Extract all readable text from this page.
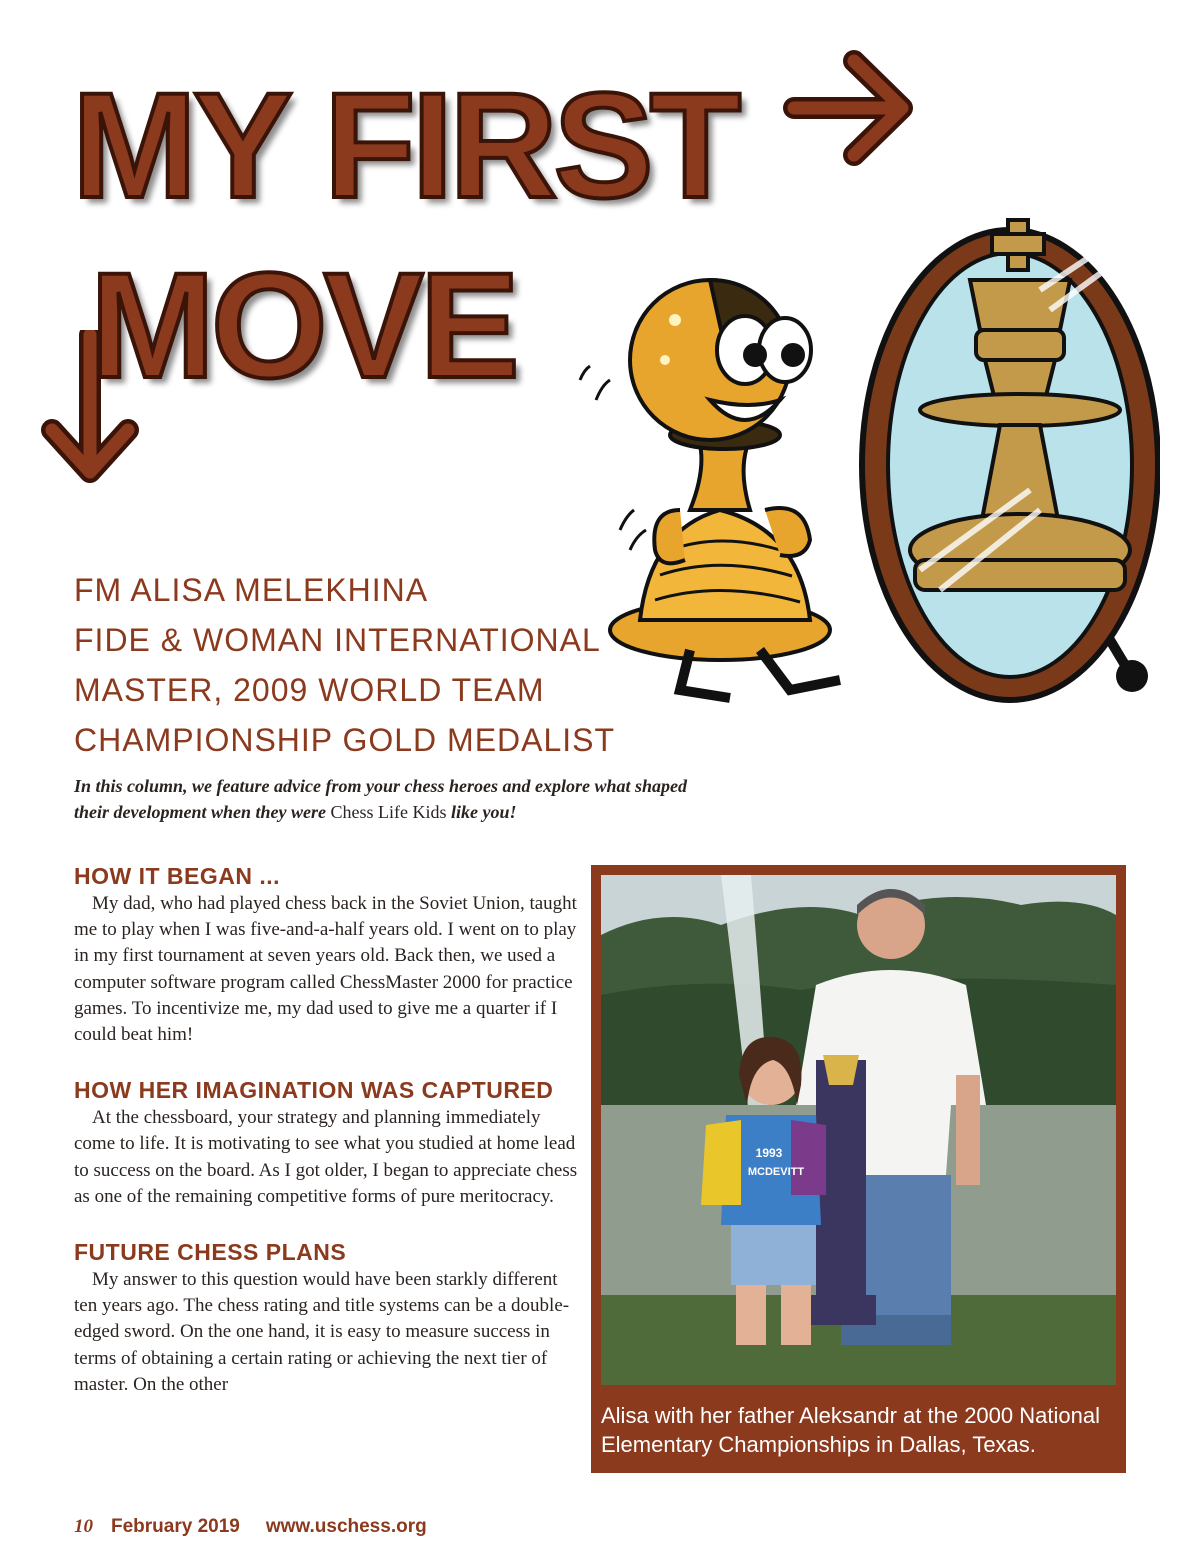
MY FIRST
MOVE
FM ALISA MELEKHINA
FIDE & WOMAN INTERNATIONAL
MASTER, 2009 WORLD TEAM
CHAMPIONSHIP GOLD MEDALIST
In this column, we feature advice from your chess heroes and explore what shaped their development when they were Chess Life Kids like you!
HOW IT BEGAN ...

My dad, who had played chess back in the Soviet Union, taught me to play when I was five-and-a-half years old. I went on to play in my first tournament at seven years old. Back then, we used a computer software program called ChessMaster 2000 for practice games. To incentivize me, my dad used to give me a quarter if I could beat him!

HOW HER IMAGINATION WAS CAPTURED

At the chessboard, your strategy and planning immediately come to life. It is motivating to see what you studied at home lead to success on the board. As I got older, I began to appreciate chess as one of the remaining competitive forms of pure meritocracy.

FUTURE CHESS PLANS

My answer to this question would have been starkly different ten years ago. The chess rating and title systems can be a double-edged sword. On the one hand, it is easy to measure success in terms of obtaining a certain rating or achieving the next tier of master. On the other

1993
MCDEVITT
Alisa with her father Aleksandr at the 2000 National Elementary Championships in Dallas, Texas.
10 February 2019 www.uschess.org
